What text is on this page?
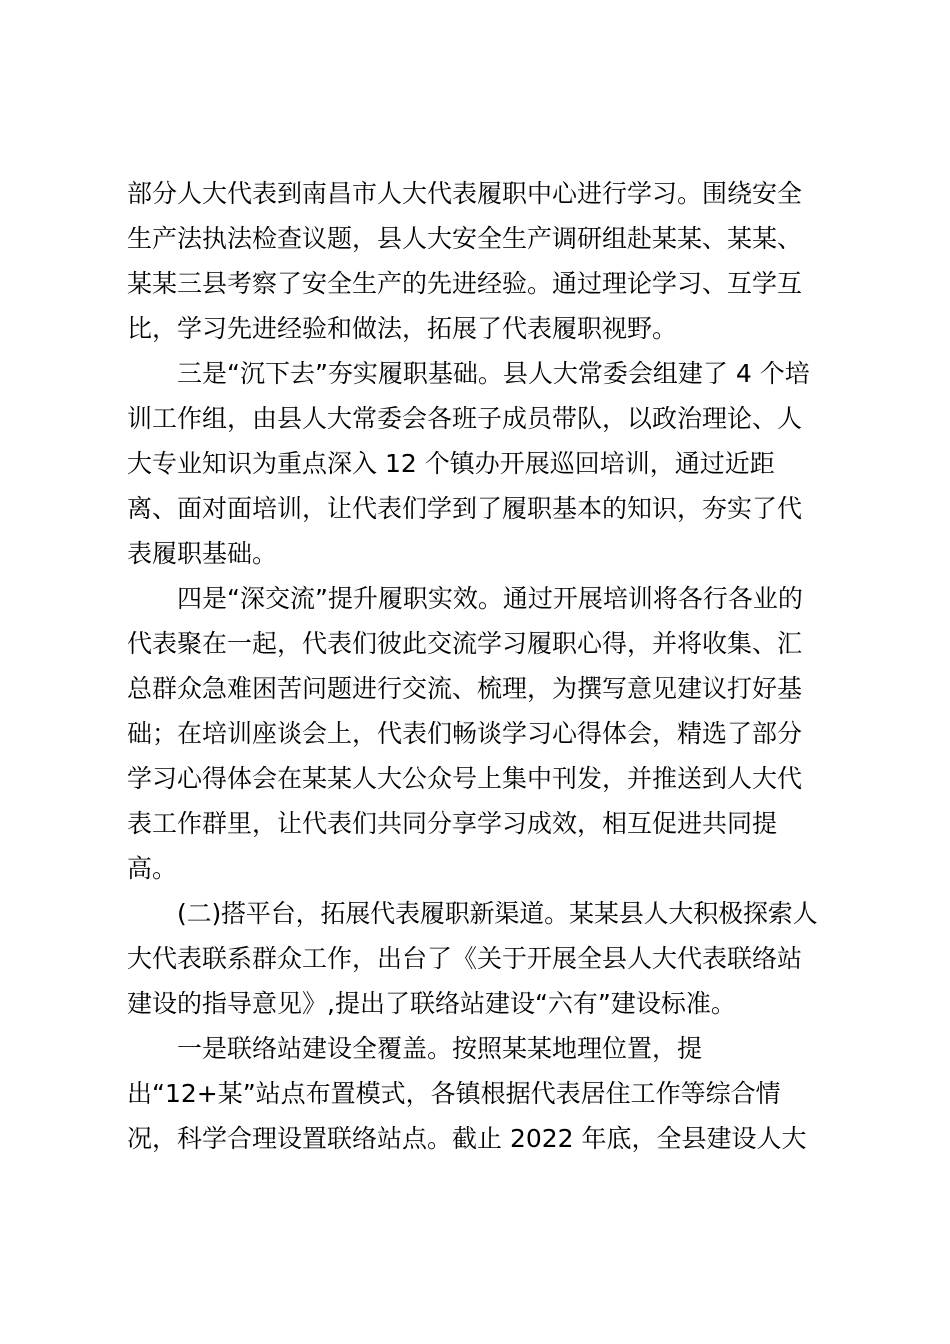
部分人大代表到南昌市人大代表履职中心进行学习。围绕安全
生产法执法检查议题，县人大安全生产调研组赴某某、某某、
某某三县考察了安全生产的先进经验。通过理论学习、互学互
比，学习先进经验和做法，拓展了代表履职视野。
三是“沉下去”夯实履职基础。县人大常委会组建了 4 个培
训工作组，由县人大常委会各班子成员带队，以政治理论、人
大专业知识为重点深入 12 个镇办开展巡回培训，通过近距
离、面对面培训，让代表们学到了履职基本的知识，夯实了代
表履职基础。
四是“深交流”提升履职实效。通过开展培训将各行各业的
代表聚在一起，代表们彼此交流学习履职心得，并将收集、汇
总群众急难困苦问题进行交流、梳理，为撰写意见建议打好基
础；在培训座谈会上，代表们畅谈学习心得体会，精选了部分
学习心得体会在某某人大公众号上集中刊发，并推送到人大代
表工作群里，让代表们共同分享学习成效，相互促进共同提
高。
(二)搭平台，拓展代表履职新渠道。某某县人大积极探索人
大代表联系群众工作，出台了《关于开展全县人大代表联络站
建设的指导意见》,提出了联络站建设“六有”建设标准。
一是联络站建设全覆盖。按照某某地理位置，提
出“12+某”站点布置模式，各镇根据代表居住工作等综合情
况，科学合理设置联络站点。截止 2022 年底，全县建设人大
